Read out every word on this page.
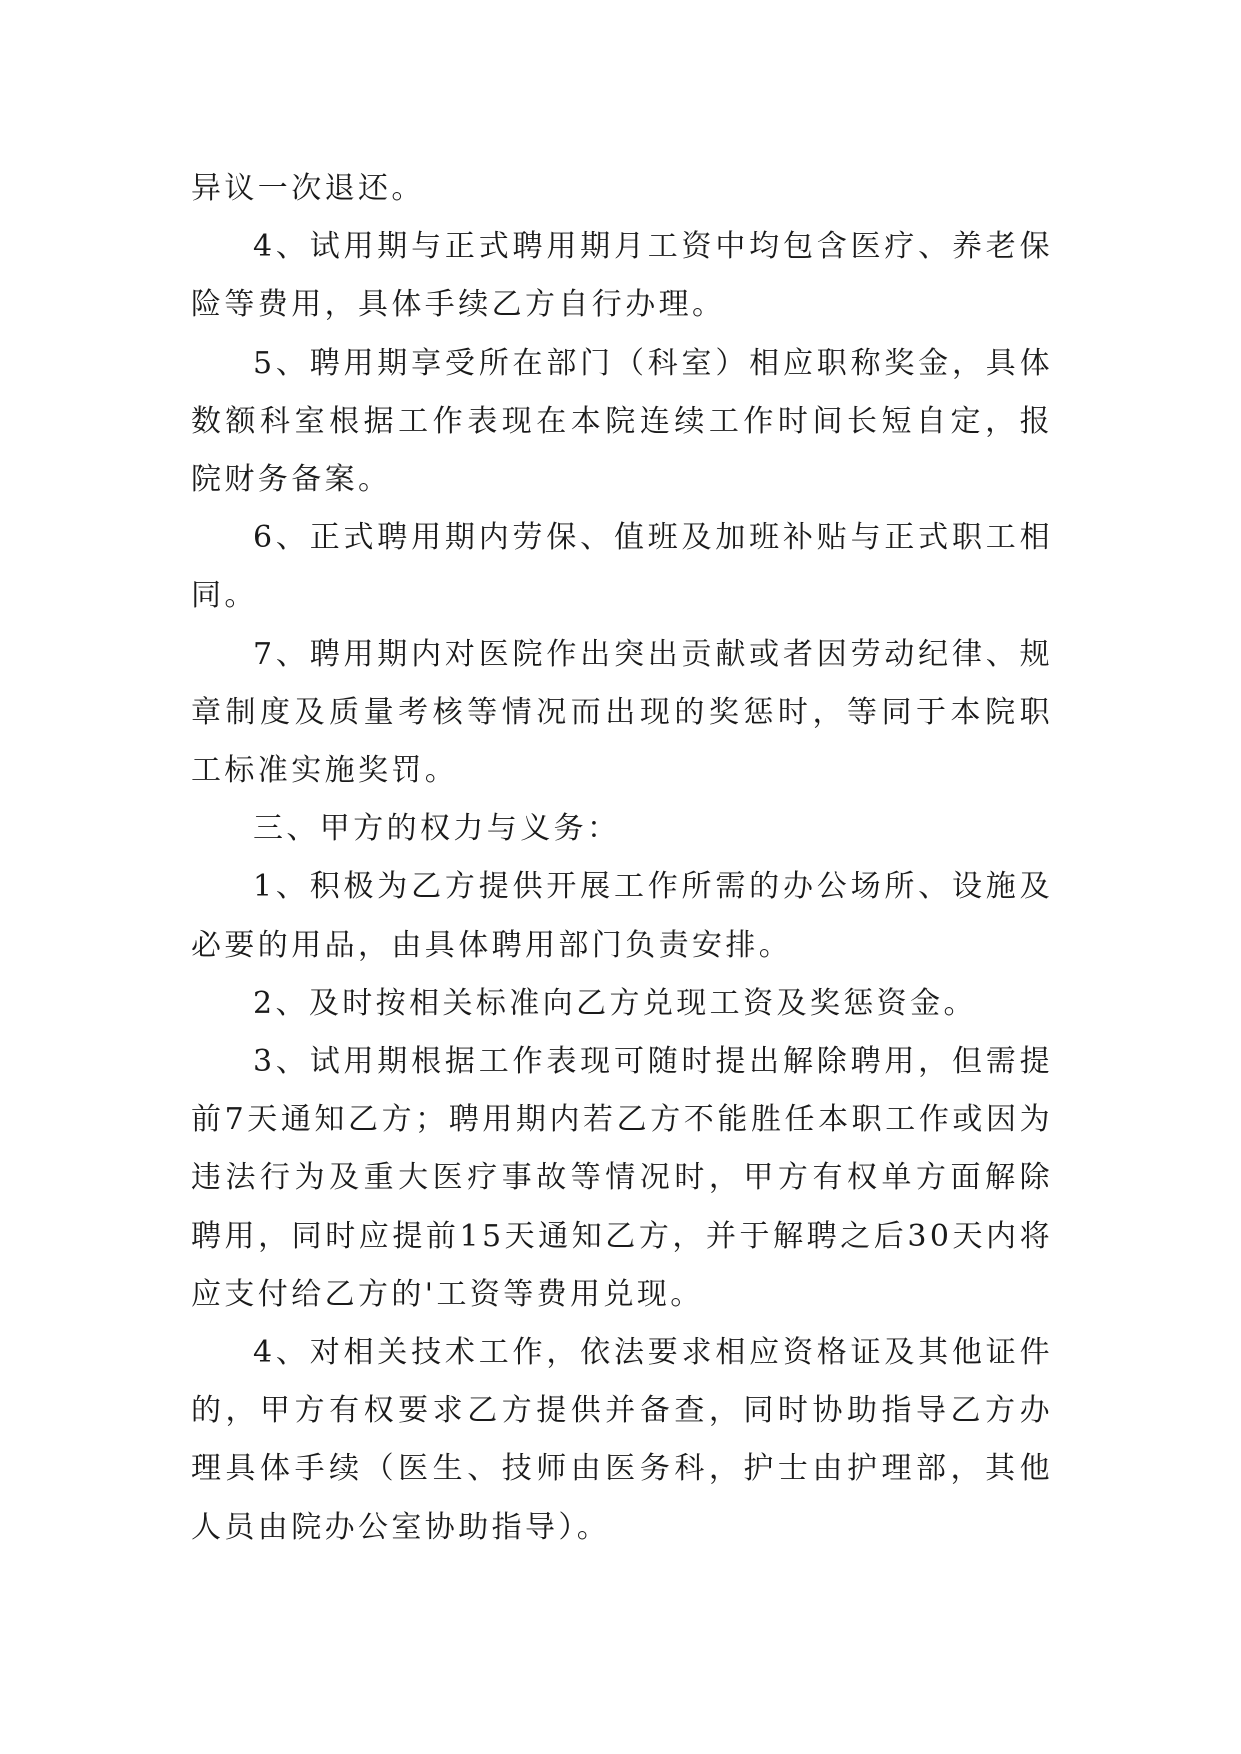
异议一次退还。

4、试用期与正式聘用期月工资中均包含医疗、养老保险等费用，具体手续乙方自行办理。

5、聘用期享受所在部门（科室）相应职称奖金，具体数额科室根据工作表现在本院连续工作时间长短自定，报院财务备案。

6、正式聘用期内劳保、值班及加班补贴与正式职工相同。

7、聘用期内对医院作出突出贡献或者因劳动纪律、规章制度及质量考核等情况而出现的奖惩时，等同于本院职工标准实施奖罚。

三、甲方的权力与义务：

1、积极为乙方提供开展工作所需的办公场所、设施及必要的用品，由具体聘用部门负责安排。

2、及时按相关标准向乙方兑现工资及奖惩资金。

3、试用期根据工作表现可随时提出解除聘用，但需提前7天通知乙方；聘用期内若乙方不能胜任本职工作或因为违法行为及重大医疗事故等情况时，甲方有权单方面解除聘用，同时应提前15天通知乙方，并于解聘之后30天内将应支付给乙方的'工资等费用兑现。

4、对相关技术工作，依法要求相应资格证及其他证件的，甲方有权要求乙方提供并备查，同时协助指导乙方办理具体手续（医生、技师由医务科，护士由护理部，其他人员由院办公室协助指导）。
